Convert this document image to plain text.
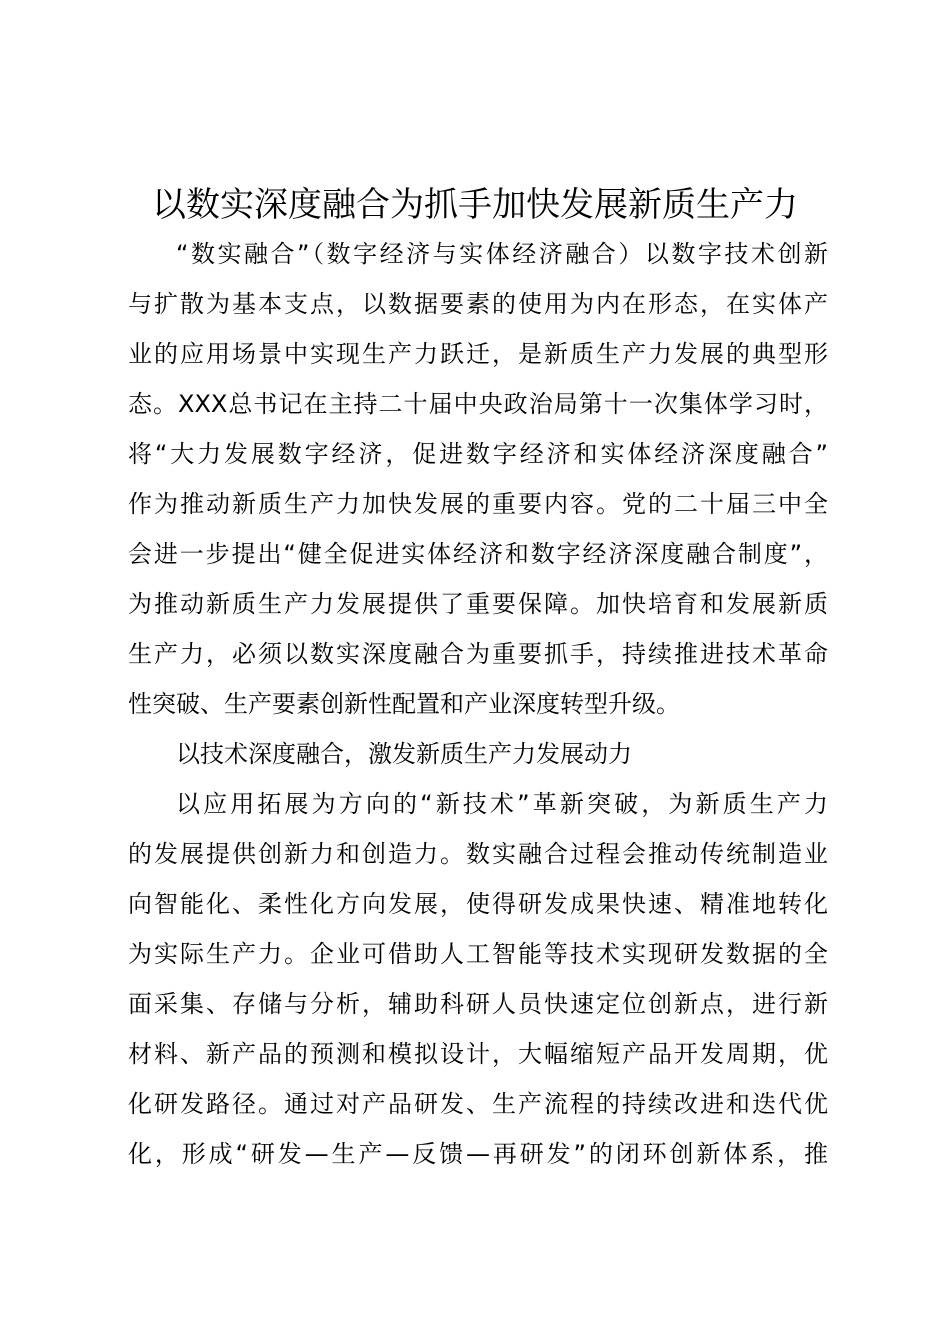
以数实深度融合为抓手加快发展新质生产力
“数实融合”（数字经济与实体经济融合）以数字技术创新
与扩散为基本支点，以数据要素的使用为内在形态，在实体产
业的应用场景中实现生产力跃迁，是新质生产力发展的典型形
态。XXX总书记在主持二十届中央政治局第十一次集体学习时，
将“大力发展数字经济，促进数字经济和实体经济深度融合”
作为推动新质生产力加快发展的重要内容。党的二十届三中全
会进一步提出“健全促进实体经济和数字经济深度融合制度”，
为推动新质生产力发展提供了重要保障。加快培育和发展新质
生产力，必须以数实深度融合为重要抓手，持续推进技术革命
性突破、生产要素创新性配置和产业深度转型升级。
以技术深度融合，激发新质生产力发展动力
以应用拓展为方向的“新技术”革新突破，为新质生产力
的发展提供创新力和创造力。数实融合过程会推动传统制造业
向智能化、柔性化方向发展，使得研发成果快速、精准地转化
为实际生产力。企业可借助人工智能等技术实现研发数据的全
面采集、存储与分析，辅助科研人员快速定位创新点，进行新
材料、新产品的预测和模拟设计，大幅缩短产品开发周期，优
化研发路径。通过对产品研发、生产流程的持续改进和迭代优
化，形成“研发—生产—反馈—再研发”的闭环创新体系，推
